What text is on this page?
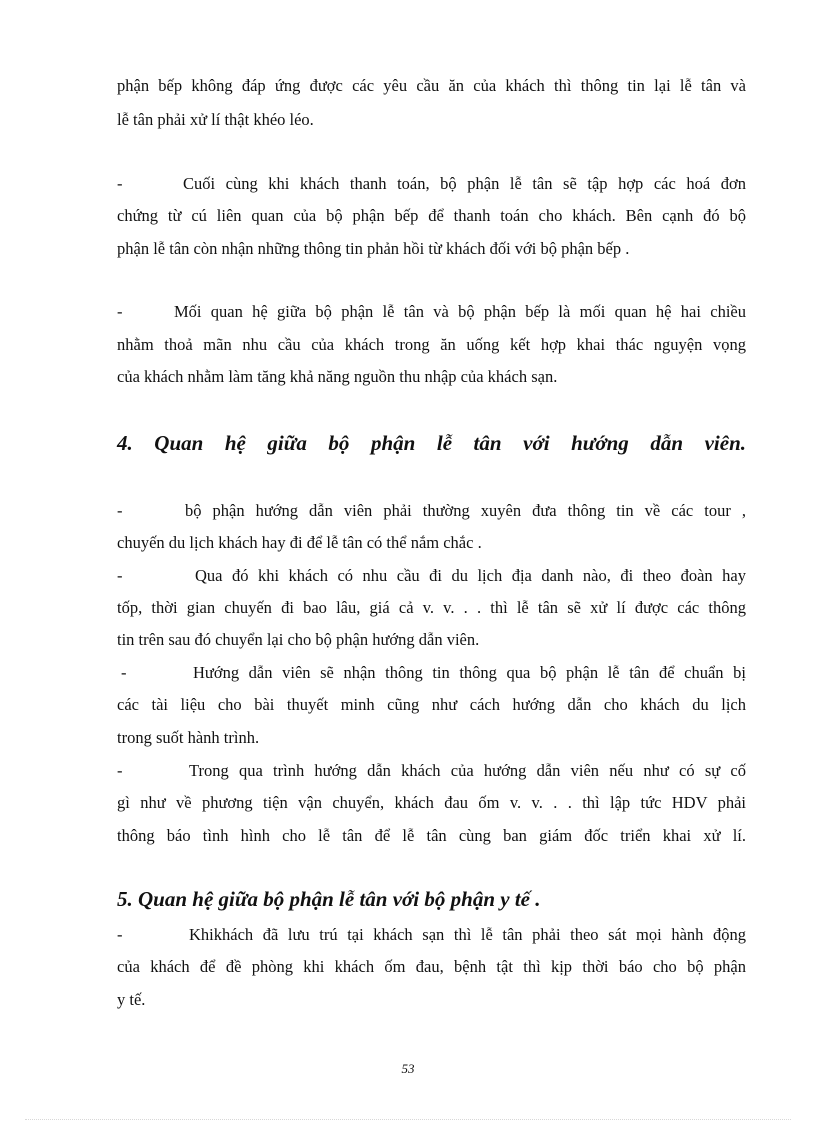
phận bếp không đáp ứng được các yêu cầu ăn của khách thì thông tin lại lễ tân và
lễ tân phải xử lí thật khéo léo.
-	Cuối cùng khi khách thanh toán, bộ phận lễ tân sẽ tập hợp các hoá đơn
chứng từ cú liên quan của bộ phận bếp để thanh toán cho khách. Bên cạnh đó bộ
phận lễ tân còn nhận những thông tin phản hồi từ khách đối với bộ phận bếp .
-	Mối quan hệ giữa bộ phận lễ tân và bộ phận bếp là mối quan hệ hai chiều
nhằm thoả mãn nhu cầu của khách trong ăn uống kết hợp khai thác nguyện vọng
của khách nhằm làm tăng khả năng nguồn thu nhập của khách sạn.
4. Quan hệ giữa bộ phận lễ tân với hướng dẫn viên.
-	bộ phận hướng dẫn viên phải thường xuyên đưa thông tin về các tour ,
chuyến du lịch khách hay đi để lễ tân có thể nắm chắc .
-	Qua đó khi khách có nhu cầu đi du lịch địa danh nào, đi theo đoàn hay
tốp, thời gian chuyến đi bao lâu, giá cả v. v. . . thì lễ tân sẽ xử lí được các thông
tin trên sau đó chuyển lại cho bộ phận hướng dẫn viên.
-	Hướng dẫn viên sẽ nhận thông tin thông qua bộ phận lễ tân để chuẩn bị
các tài liệu cho bài thuyết minh cũng như cách hướng dẫn cho khách du lịch
trong suốt hành trình.
-	Trong qua trình hướng dẫn khách của hướng dẫn viên nếu như có sự cố
gì như về phương tiện vận chuyển, khách đau ốm v. v. . . thì lập tức HDV phải
thông báo tình hình cho lễ tân để lễ tân cùng ban giám đốc triển khai xử lí.
5. Quan hệ giữa bộ phận lễ tân với bộ phận y tế .
-	Khikhách đã lưu trú tại khách sạn thì lễ tân phải theo sát mọi hành động
của khách để đề phòng khi khách ốm đau, bệnh tật thì kịp thời báo cho bộ phận
y tế.
53
